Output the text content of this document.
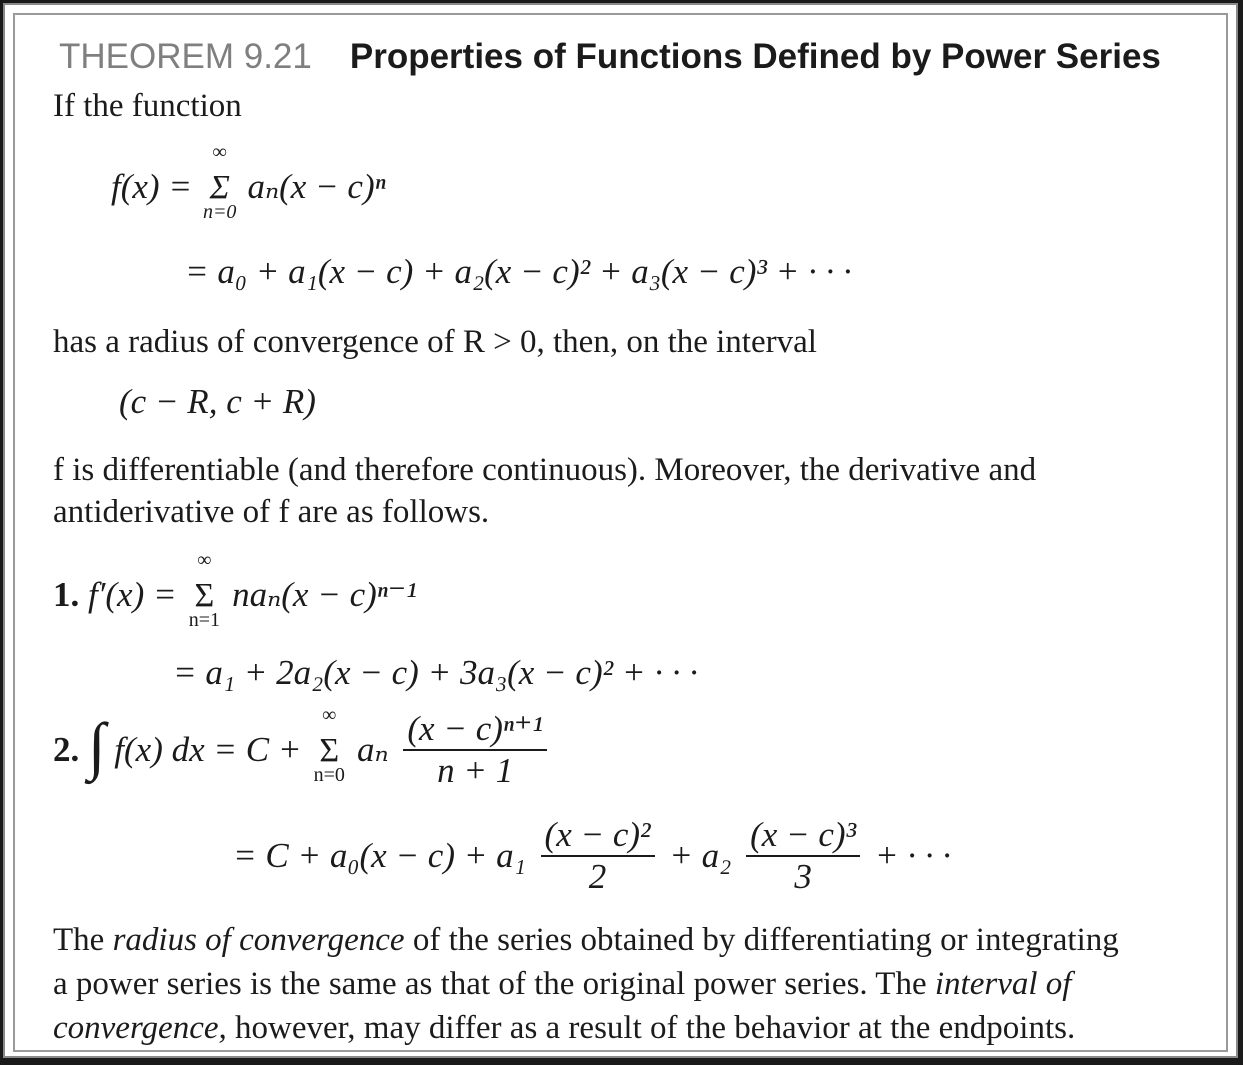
THEOREM 9.21 Properties of Functions Defined by Power Series
If the function
f(x) =
∞
Σ
n=0
aₙ(x − c)ⁿ
= a₀ + a₁(x − c) + a₂(x − c)² + a₃(x − c)³ + · · ·
has a radius of convergence of R > 0, then, on the interval
(c − R, c + R)
f is differentiable (and therefore continuous). Moreover, the derivative and
antiderivative of f are as follows.
1. f′(x) =
∞
Σ
n=1
naₙ(x − c)ⁿ⁻¹
= a₁ + 2a₂(x − c) + 3a₃(x − c)² + · · ·
2. ∫ f(x) dx = C +
∞
Σ
n=0
aₙ $\frac{\text{(x − c)ⁿ⁺¹}}{n + 1}$
= $C + a_0(x - c) + a_1 \frac{\text{(x − c)²}}{2} + a_2 \frac{\text{(x − c)³}}{3}$ + · · ·
The radius of convergence of the series obtained by differentiating or integrating
a power series is the same as that of the original power series. The interval of
convergence, however, may differ as a result of the behavior at the endpoints.
